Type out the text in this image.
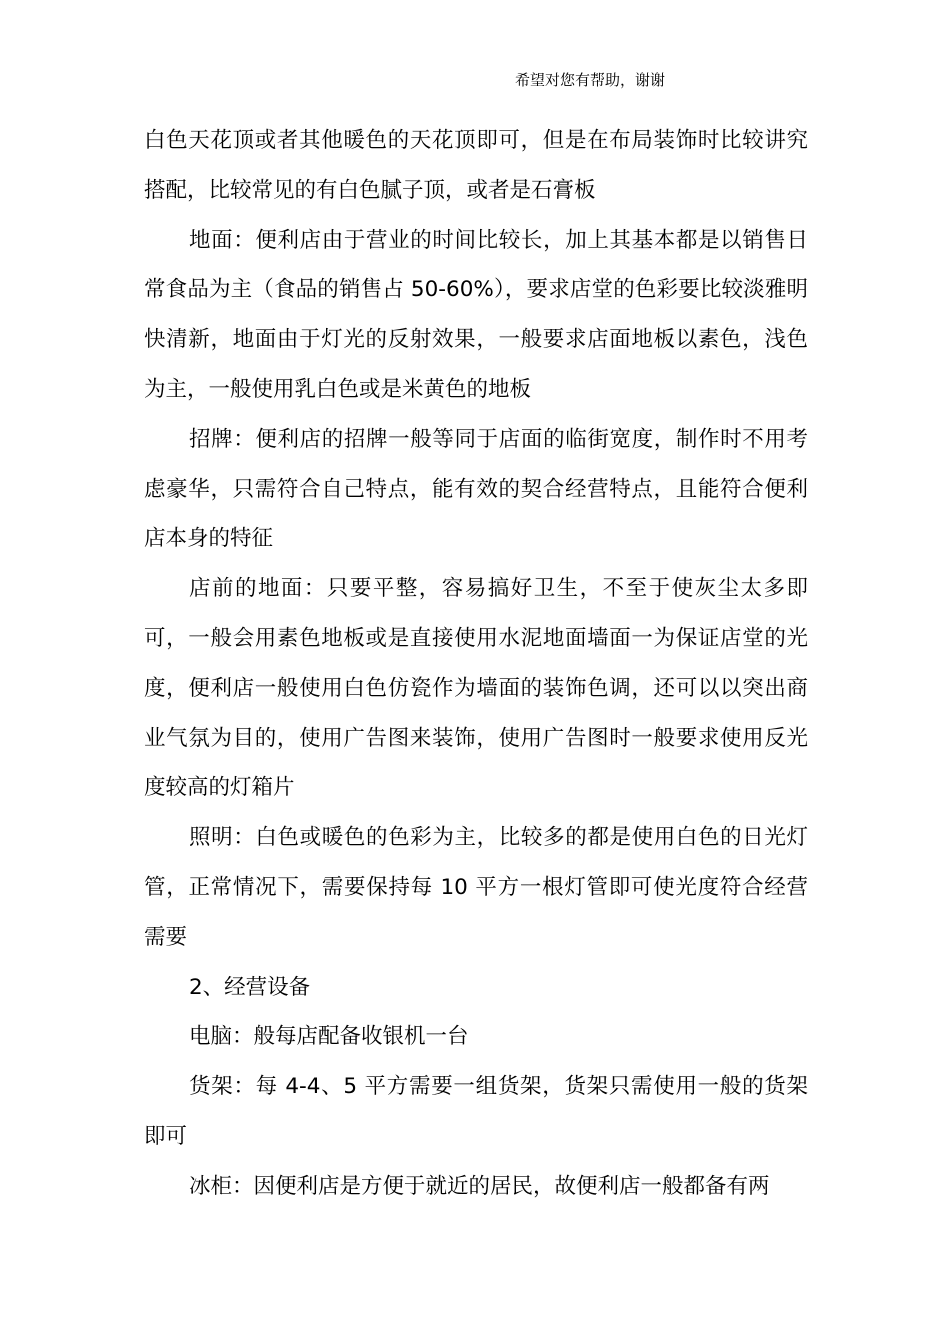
希望对您有帮助，谢谢

白色天花顶或者其他暖色的天花顶即可，但是在布局装饰时比较讲究搭配，比较常见的有白色腻子顶，或者是石膏板

地面：便利店由于营业的时间比较长，加上其基本都是以销售日常食品为主（食品的销售占 50-60%），要求店堂的色彩要比较淡雅明快清新，地面由于灯光的反射效果，一般要求店面地板以素色，浅色为主，一般使用乳白色或是米黄色的地板

招牌：便利店的招牌一般等同于店面的临街宽度，制作时不用考虑豪华，只需符合自己特点，能有效的契合经营特点，且能符合便利店本身的特征

店前的地面：只要平整，容易搞好卫生，不至于使灰尘太多即可，一般会用素色地板或是直接使用水泥地面墙面一为保证店堂的光度，便利店一般使用白色仿瓷作为墙面的装饰色调，还可以以突出商业气氛为目的，使用广告图来装饰，使用广告图时一般要求使用反光度较高的灯箱片

照明：白色或暖色的色彩为主，比较多的都是使用白色的日光灯管，正常情况下，需要保持每 10 平方一根灯管即可使光度符合经营需要

2、经营设备

电脑：般每店配备收银机一台

货架：每 4-4、5 平方需要一组货架，货架只需使用一般的货架即可

冰柜：因便利店是方便于就近的居民，故便利店一般都备有两
